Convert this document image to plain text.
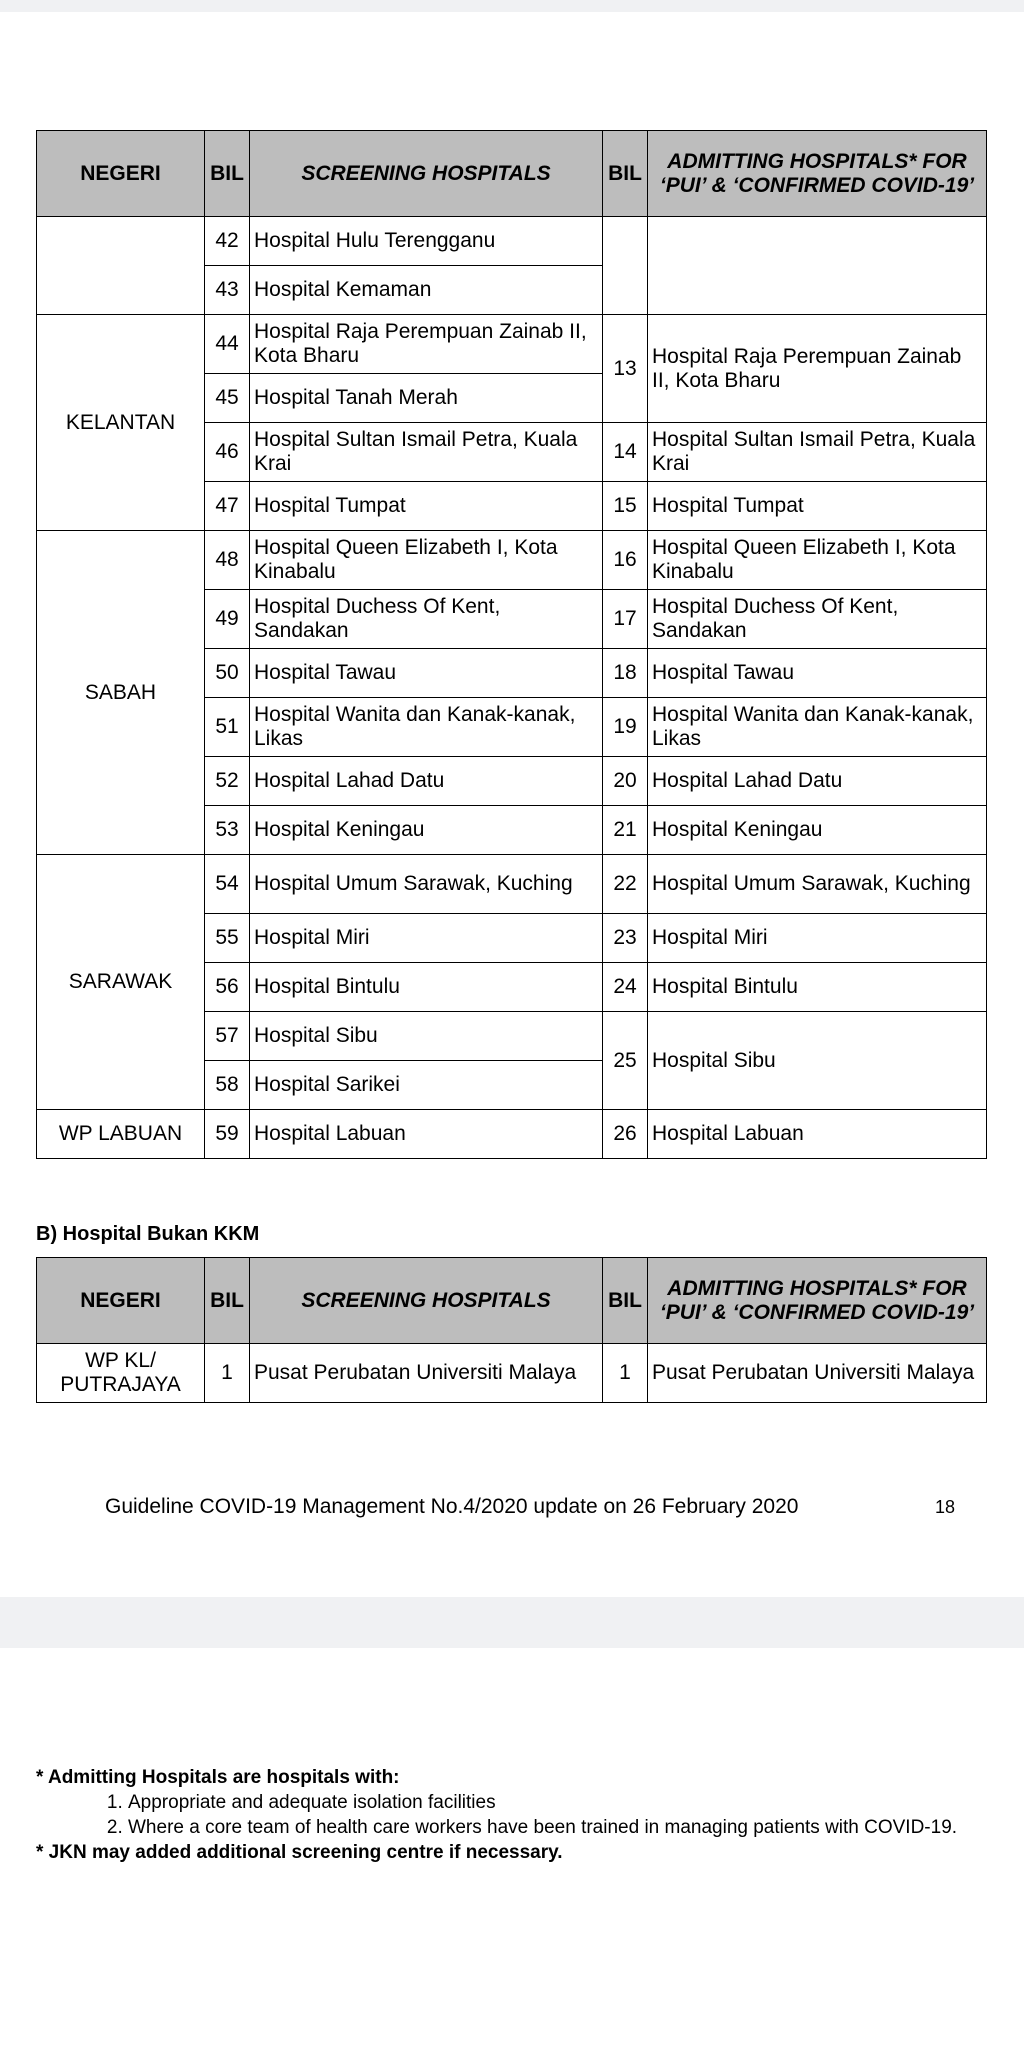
NEGERI	BIL	SCREENING HOSPITALS	BIL	ADMITTING HOSPITALS* FOR ‘PUI’ & ‘CONFIRMED COVID-19’
	42	Hospital Hulu Terengganu		
	43	Hospital Kemaman		
KELANTAN	44	Hospital Raja Perempuan Zainab II, Kota Bharu	13	Hospital Raja Perempuan Zainab II, Kota Bharu
	45	Hospital Tanah Merah		
	46	Hospital Sultan Ismail Petra, Kuala Krai	14	Hospital Sultan Ismail Petra, Kuala Krai
	47	Hospital Tumpat	15	Hospital Tumpat
SABAH	48	Hospital Queen Elizabeth I, Kota Kinabalu	16	Hospital Queen Elizabeth I, Kota Kinabalu
	49	Hospital Duchess Of Kent, Sandakan	17	Hospital Duchess Of Kent, Sandakan
	50	Hospital Tawau	18	Hospital Tawau
	51	Hospital Wanita dan Kanak-kanak, Likas	19	Hospital Wanita dan Kanak-kanak, Likas
	52	Hospital Lahad Datu	20	Hospital Lahad Datu
	53	Hospital Keningau	21	Hospital Keningau
SARAWAK	54	Hospital Umum Sarawak, Kuching	22	Hospital Umum Sarawak, Kuching
	55	Hospital Miri	23	Hospital Miri
	56	Hospital Bintulu	24	Hospital Bintulu
	57	Hospital Sibu	25	Hospital Sibu
	58	Hospital Sarikei		
WP LABUAN	59	Hospital Labuan	26	Hospital Labuan
B) Hospital Bukan KKM
NEGERI	BIL	SCREENING HOSPITALS	BIL	ADMITTING HOSPITALS* FOR ‘PUI’ & ‘CONFIRMED COVID-19’
WP KL/ PUTRAJAYA	1	Pusat Perubatan Universiti Malaya	1	Pusat Perubatan Universiti Malaya
Guideline COVID-19 Management No.4/2020 update on 26 February 2020	18
* Admitting Hospitals are hospitals with:
1. Appropriate and adequate isolation facilities
2. Where a core team of health care workers have been trained in managing patients with COVID-19.
* JKN may added additional screening centre if necessary.
